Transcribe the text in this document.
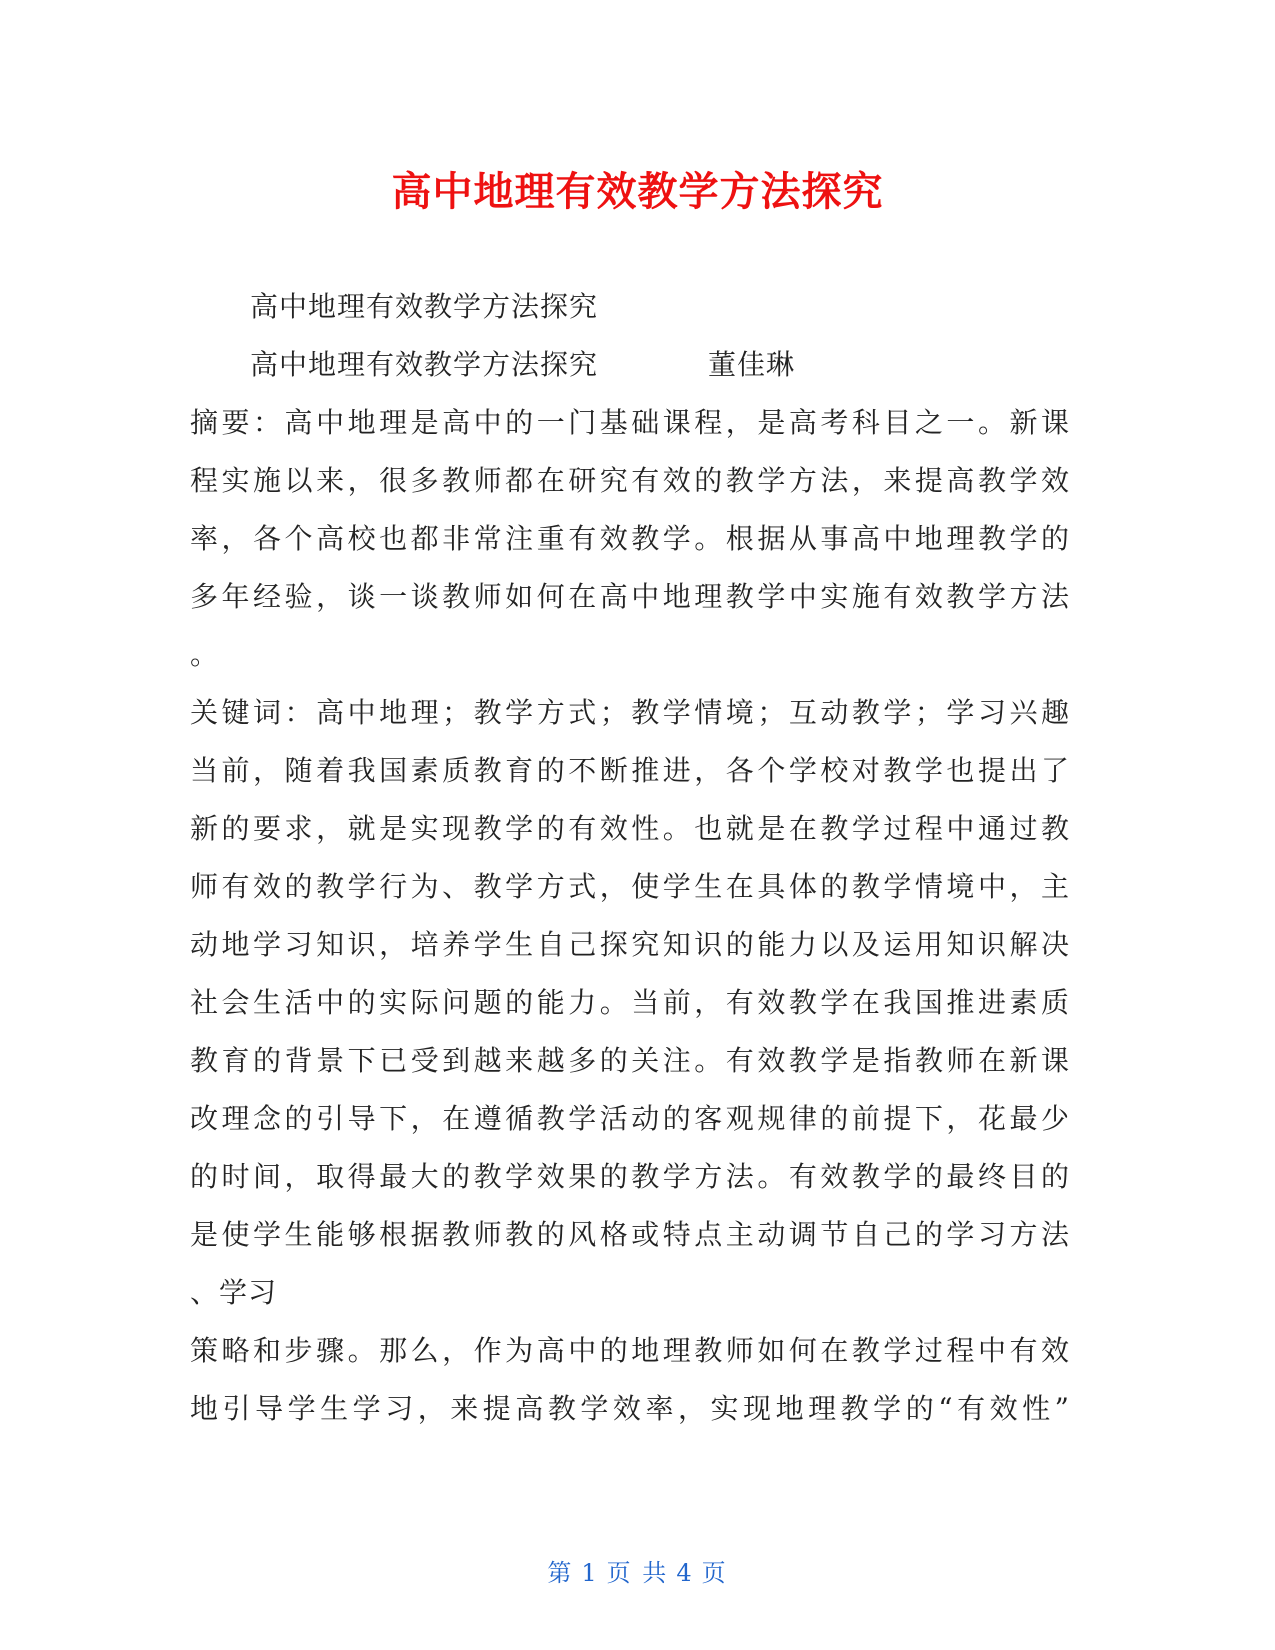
高中地理有效教学方法探究
高中地理有效教学方法探究
高中地理有效教学方法探究	董佳琳
摘要：高中地理是高中的一门基础课程，是高考科目之一。新课
程实施以来，很多教师都在研究有效的教学方法，来提高教学效
率，各个高校也都非常注重有效教学。根据从事高中地理教学的
多年经验，谈一谈教师如何在高中地理教学中实施有效教学方法
。
关键词：高中地理；教学方式；教学情境；互动教学；学习兴趣
当前，随着我国素质教育的不断推进，各个学校对教学也提出了
新的要求，就是实现教学的有效性。也就是在教学过程中通过教
师有效的教学行为、教学方式，使学生在具体的教学情境中，主
动地学习知识，培养学生自己探究知识的能力以及运用知识解决
社会生活中的实际问题的能力。当前，有效教学在我国推进素质
教育的背景下已受到越来越多的关注。有效教学是指教师在新课
改理念的引导下，在遵循教学活动的客观规律的前提下，花最少
的时间，取得最大的教学效果的教学方法。有效教学的最终目的
是使学生能够根据教师教的风格或特点主动调节自己的学习方法
、学习
策略和步骤。那么，作为高中的地理教师如何在教学过程中有效
地引导学生学习，来提高教学效率，实现地理教学的“有效性”
第 1 页 共 4 页
